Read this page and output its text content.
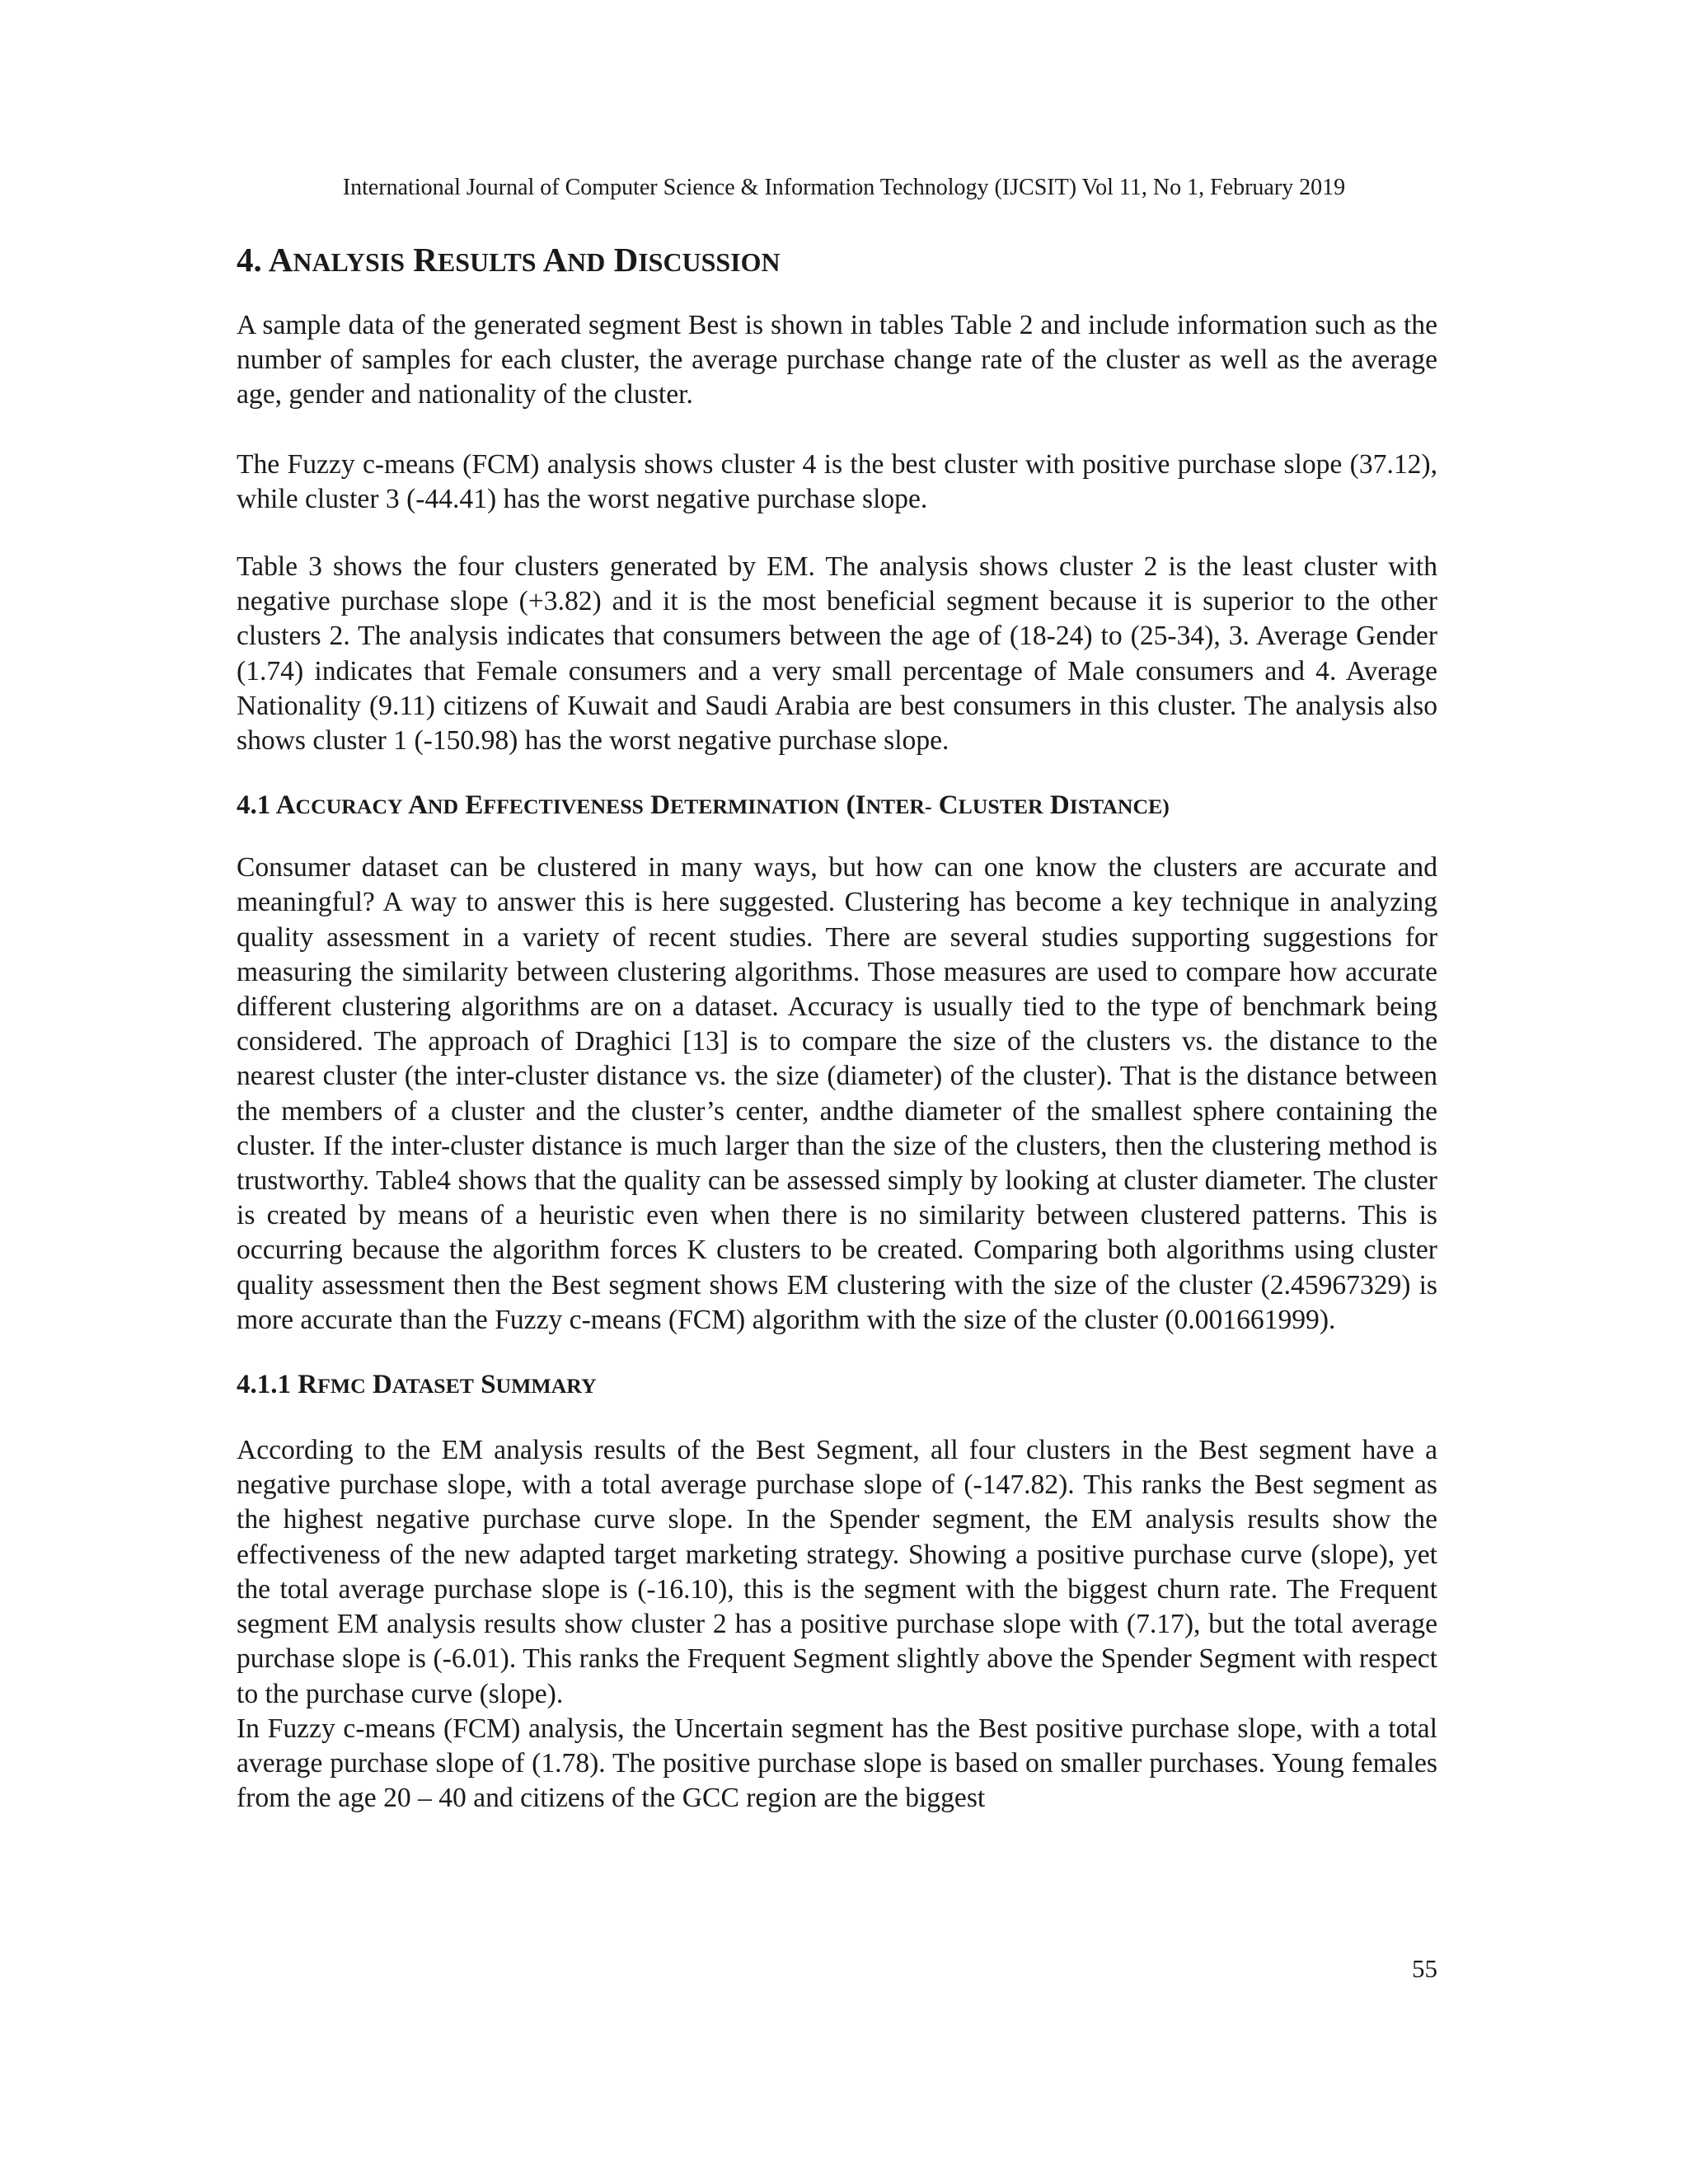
International Journal of Computer Science & Information Technology (IJCSIT) Vol 11, No 1, February 2019
4. ANALYSIS RESULTS AND DISCUSSION

A sample data of the generated segment Best is shown in tables Table 2 and include information such as the number of samples for each cluster, the average purchase change rate of the cluster as well as the average age, gender and nationality of the cluster.

The Fuzzy c-means (FCM) analysis shows cluster 4 is the best cluster with positive purchase slope (37.12), while cluster 3 (-44.41) has the worst negative purchase slope.

Table 3 shows the four clusters generated by EM. The analysis shows cluster 2 is the least cluster with negative purchase slope (+3.82) and it is the most beneficial segment because it is superior to the other clusters 2. The analysis indicates that consumers between the age of (18-24) to (25-34), 3. Average Gender (1.74) indicates that Female consumers and a very small percentage of Male consumers and 4. Average Nationality (9.11) citizens of Kuwait and Saudi Arabia are best consumers in this cluster. The analysis also shows cluster 1 (-150.98) has the worst negative purchase slope.

4.1 ACCURACY AND EFFECTIVENESS DETERMINATION (INTER- CLUSTER DISTANCE)

Consumer dataset can be clustered in many ways, but how can one know the clusters are accurate and meaningful? A way to answer this is here suggested. Clustering has become a key technique in analyzing quality assessment in a variety of recent studies. There are several studies supporting suggestions for measuring the similarity between clustering algorithms. Those measures are used to compare how accurate different clustering algorithms are on a dataset. Accuracy is usually tied to the type of benchmark being considered. The approach of Draghici [13] is to compare the size of the clusters vs. the distance to the nearest cluster (the inter-cluster distance vs. the size (diameter) of the cluster). That is the distance between the members of a cluster and the cluster’s center, andthe diameter of the smallest sphere containing the cluster. If the inter-cluster distance is much larger than the size of the clusters, then the clustering method is trustworthy. Table4 shows that the quality can be assessed simply by looking at cluster diameter. The cluster is created by means of a heuristic even when there is no similarity between clustered patterns. This is occurring because the algorithm forces K clusters to be created. Comparing both algorithms using cluster quality assessment then the Best segment shows EM clustering with the size of the cluster (2.45967329) is more accurate than the Fuzzy c-means (FCM) algorithm with the size of the cluster (0.001661999).

4.1.1 RFMC DATASET SUMMARY

According to the EM analysis results of the Best Segment, all four clusters in the Best segment have a negative purchase slope, with a total average purchase slope of (-147.82). This ranks the Best segment as the highest negative purchase curve slope. In the Spender segment, the EM analysis results show the effectiveness of the new adapted target marketing strategy. Showing a positive purchase curve (slope), yet the total average purchase slope is (-16.10), this is the segment with the biggest churn rate. The Frequent segment EM analysis results show cluster 2 has a positive purchase slope with (7.17), but the total average purchase slope is (-6.01). This ranks the Frequent Segment slightly above the Spender Segment with respect to the purchase curve (slope).

In Fuzzy c-means (FCM) analysis, the Uncertain segment has the Best positive purchase slope, with a total average purchase slope of (1.78). The positive purchase slope is based on smaller purchases. Young females from the age 20 – 40 and citizens of the GCC region are the biggest

55
